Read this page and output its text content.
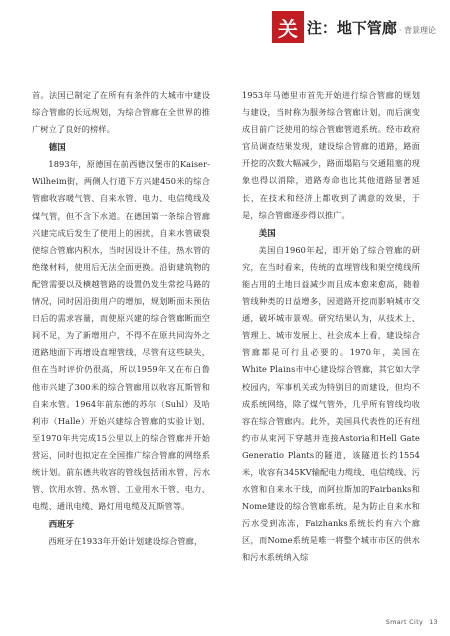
关 注：地下管廊 · 背景理论

首。法国已制定了在所有有条件的大城市中建设综合管廊的长远规划，为综合管廊在全世界的推广树立了良好的榜样。

德国

1893年，原德国在前西德汉堡市的Kaiser-Wilheim街，两侧人行道下方兴建450米的综合管廊收容暖气管、自来水管、电力、电信缆线及煤气管，但不含下水道。在德国第一条综合管廊兴建完成后发生了使用上的困扰，自来水管破裂使综合管廊内积水，当时因设计不佳，热水管的绝缘材料，使用后无法全面更换。沿街建筑物的配管需要以及横越管路的设置仍发生常挖马路的情况，同时因沿街用户的增加，规划断面未预估日后的需求容量，而使原兴建的综合管廊断面空间不足，为了新增用户，不得不在原共同沟外之道路地面下再增设直埋管线，尽管有这些缺失，但在当时评价仍很高，所以1959年又在布白鲁他市兴建了300米的综合管廊用以收容瓦斯管和自来水管。1964年前东德的苏尔（Suhl）及哈利市（Halle）开始兴建综合管廊的实验计划，至1970年共完成15公里以上的综合管廊并开始营运，同时也拟定在全国推广综合管廊的网络系统计划。前东德共收容的管线包括雨水管、污水管、饮用水管、热水管、工业用水干管、电力、电缆、通讯电缆、路灯用电缆及瓦斯管等。

西班牙

西班牙在1933年开始计划建设综合管廊，

1953年马德里市首先开始进行综合管廊的规划与建设，当时称为服务综合管廊计划，而后演变成目前广泛使用的综合管廊管道系统。经市政府官员调查结果发现，建设综合管廊的道路，路面开挖的次数大幅减少，路面塌陷与交通阻塞的现象也得以消除，道路寿命也比其他道路显著延长，在技术和经济上都收到了满意的效果，于是，综合管廊逐步得以推广。

美国

美国自1960年起，即开始了综合管廊的研究，在当时看来，传统的直埋管线和架空缆线所能占用的土地日益减少而且成本愈来愈高，随着管线种类的日益增多，因道路开挖而影响城市交通，破坏城市景观。研究结果认为，从技术上、管理上、城市发展上、社会成本上看，建设综合管廊都是可行且必要的。1970年，美国在White Plains市中心建设综合管廊，其它如大学校园内，军事机关或为特别目的而建设，但均不成系统网络，除了煤气管外，几乎所有管线均收容在综合管廊内。此外，美国具代表性的还有纽约市从束河下穿越并连接Astoria和Hell Gate Generatio Plants的隧道，该隧道长约1554米，收容有345KV输配电力缆线、电信缆线、污水管和自来水干线，而阿拉斯加的Fairbanks和Nome建设的综合管廊系统，是为防止自来水和污水受到冻冻，Faizhanks系统长约有六个廊区，而Nome系统是唯一将整个城市市区的供水和污水系统纳入综

Smart City 13
